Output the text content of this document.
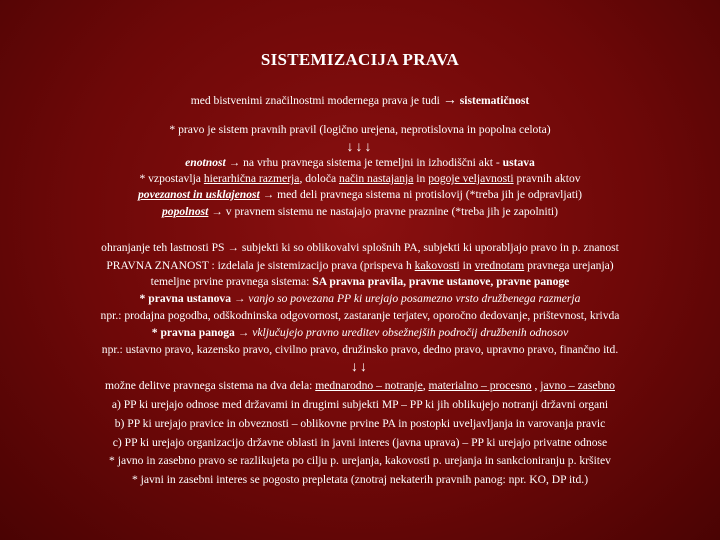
SISTEMIZACIJA PRAVA
med bistvenimi značilnostmi modernega prava je tudi → sistematičnost
* pravo je sistem pravnih pravil (logično urejena, neprotislovna in popolna celota)
↓↓↓
enotnost → na vrhu pravnega sistema je temeljni in izhodiščni akt - ustava
* vzpostavlja hierarhična razmerja, določa način nastajanja in pogoje veljavnosti pravnih aktov
povezanost in usklajenost → med deli pravnega sistema ni protislovij (*treba jih je odpravljati)
popolnost → v pravnem sistemu ne nastajajo pravne praznine (*treba jih je zapolniti)
ohranjanje teh lastnosti PS → subjekti ki so oblikovalvi splošnih PA, subjekti ki uporabljajo pravo in p. znanost
PRAVNA ZNANOST : izdelala je sistemizacijo prava (prispeva h kakovosti in vrednotam pravnega urejanja)
temeljne prvine pravnega sistema: SA pravna pravila, pravne ustanove, pravne panoge
* pravna ustanova → vanjo so povezana PP ki urejajo posamezno vrsto družbenega razmerja
npr.: prodajna pogodba, odškodninska odgovornost, zastaranje terjatev, oporočno dedovanje, prištevnost, krivda
* pravna panoga → vključujejo pravno ureditev obsežnejših področij družbenih odnosov
npr.: ustavno pravo, kazensko pravo, civilno pravo, družinsko pravo, dedno pravo, upravno pravo, finančno itd.
↓↓
možne delitve pravnega sistema na dva dela: mednarodno – notranje, materialno – procesno , javno – zasebno
a) PP ki urejajo odnose med državami in drugimi subjekti MP – PP ki jih oblikujejo notranji državni organi
b) PP ki urejajo pravice in obveznosti – oblikovne prvine PA in postopki uveljavljanja in varovanja pravic
c) PP ki urejajo organizacijo državne oblasti in javni interes (javna uprava) – PP ki urejajo privatne odnose
* javno in zasebno pravo se razlikujeta po cilju p. urejanja, kakovosti p. urejanja in sankcioniranju p. kršitev
* javni in zasebni interes se pogosto prepletata (znotraj nekaterih pravnih panog: npr. KO, DP itd.)
